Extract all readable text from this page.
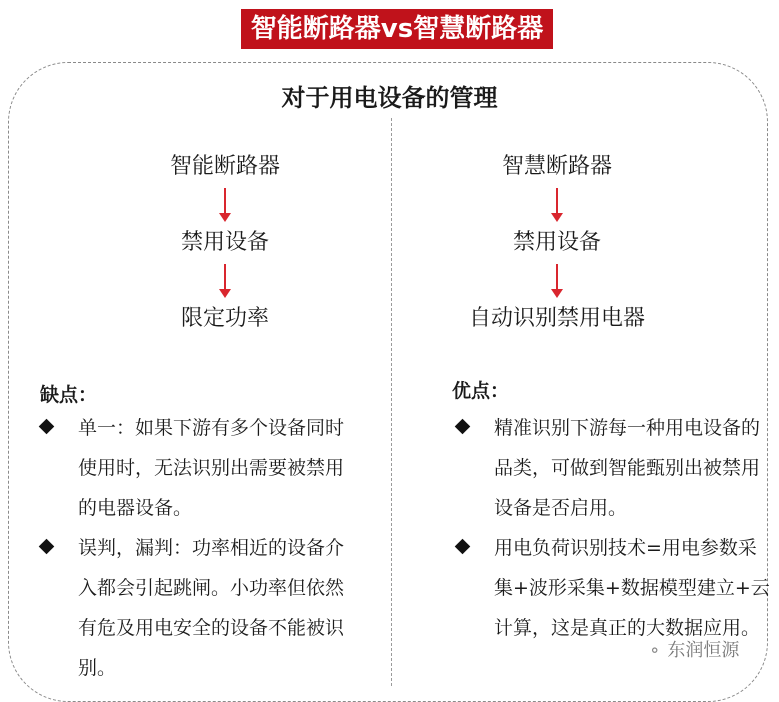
智能断路器vs智慧断路器
对于用电设备的管理
智能断路器
禁用设备
限定功率
智慧断路器
禁用设备
自动识别禁用电器
缺点：	优点：
单一：如果下游有多个设备同时使用时，无法识别出需要被禁用的电器设备。
误判，漏判：功率相近的设备介入都会引起跳闸。小功率但依然有危及用电安全的设备不能被识别。
精准识别下游每一种用电设备的品类，可做到智能甄别出被禁用设备是否启用。
用电负荷识别技术=用电参数采集+波形采集+数据模型建立+云计算，这是真正的大数据应用。
⚬ 东润恒源
